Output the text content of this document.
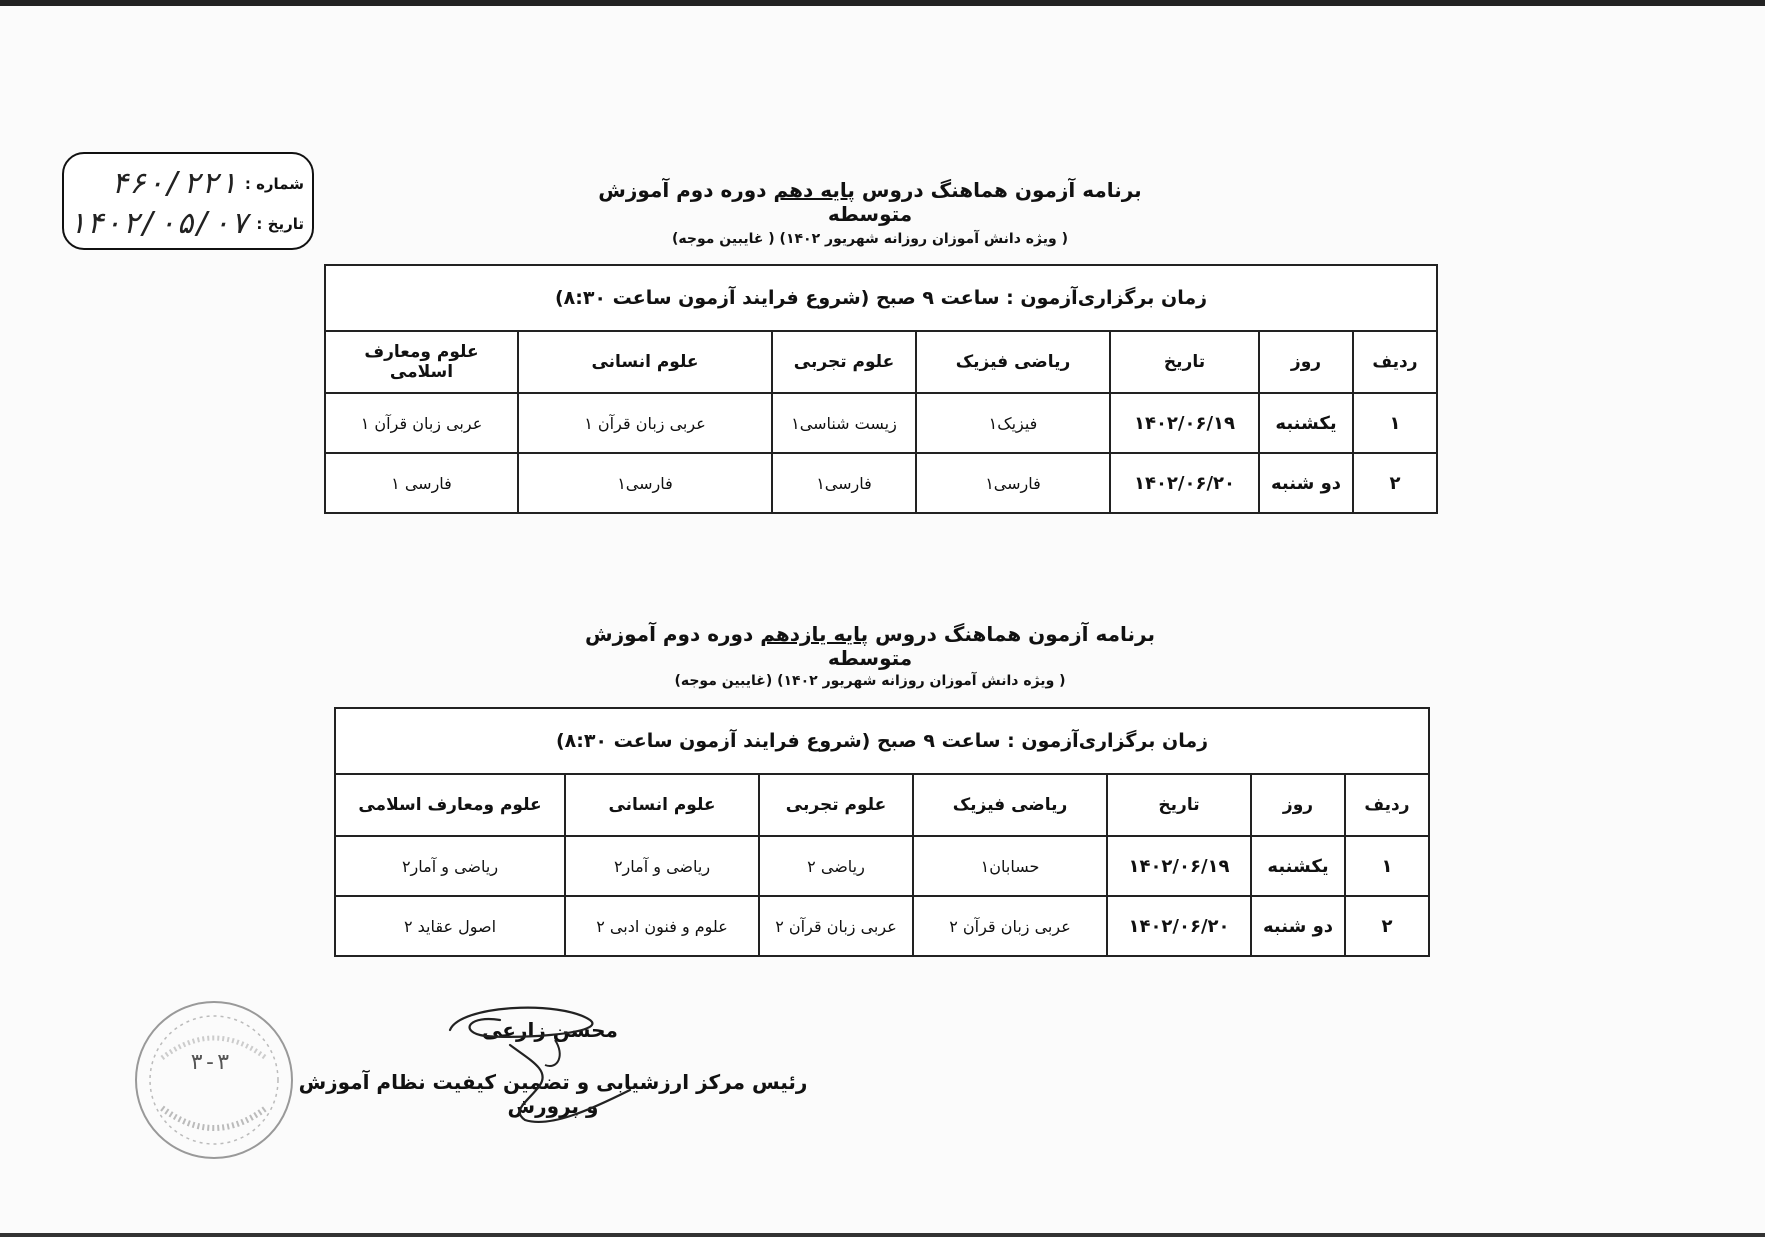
شماره :
۴۶۰/۲۲۱
تاریخ :
۱۴۰۲/۰۵/۰۷
برنامه آزمون هماهنگ دروس پایه دهم دوره دوم آموزش متوسطه
( ویژه دانش آموزان روزانه شهریور ۱۴۰۲) ( غایبین موجه)
زمان برگزاری‌آزمون : ساعت ۹ صبح (شروع فرایند آزمون ساعت ۸:۳۰)						
ردیف	روز	تاریخ	ریاضی فیزیک	علوم تجربی	علوم انسانی	علوم ومعارف اسلامی
۱	یکشنبه	۱۴۰۲/۰۶/۱۹	فیزیک۱	زیست شناسی۱	عربی زبان قرآن ۱	عربی زبان قرآن ۱
۲	دو شنبه	۱۴۰۲/۰۶/۲۰	فارسی۱	فارسی۱	فارسی۱	فارسی ۱
برنامه آزمون هماهنگ دروس پایه یازدهم دوره دوم آموزش متوسطه
( ویژه دانش آموزان روزانه شهریور ۱۴۰۲) (غایبین موجه)
زمان برگزاری‌آزمون : ساعت ۹ صبح (شروع فرایند آزمون ساعت ۸:۳۰)						
ردیف	روز	تاریخ	ریاضی فیزیک	علوم تجربی	علوم انسانی	علوم ومعارف اسلامی
۱	یکشنبه	۱۴۰۲/۰۶/۱۹	حسابان۱	ریاضی ۲	ریاضی و آمار۲	ریاضی و آمار۲
۲	دو شنبه	۱۴۰۲/۰۶/۲۰	عربی زبان قرآن ۲	عربی زبان قرآن ۲	علوم و فنون ادبی ۲	اصول عقاید ۲
۳-۳
محسن زارعی
رئیس مرکز ارزشیابی و تضمین کیفیت نظام آموزش و پرورش
